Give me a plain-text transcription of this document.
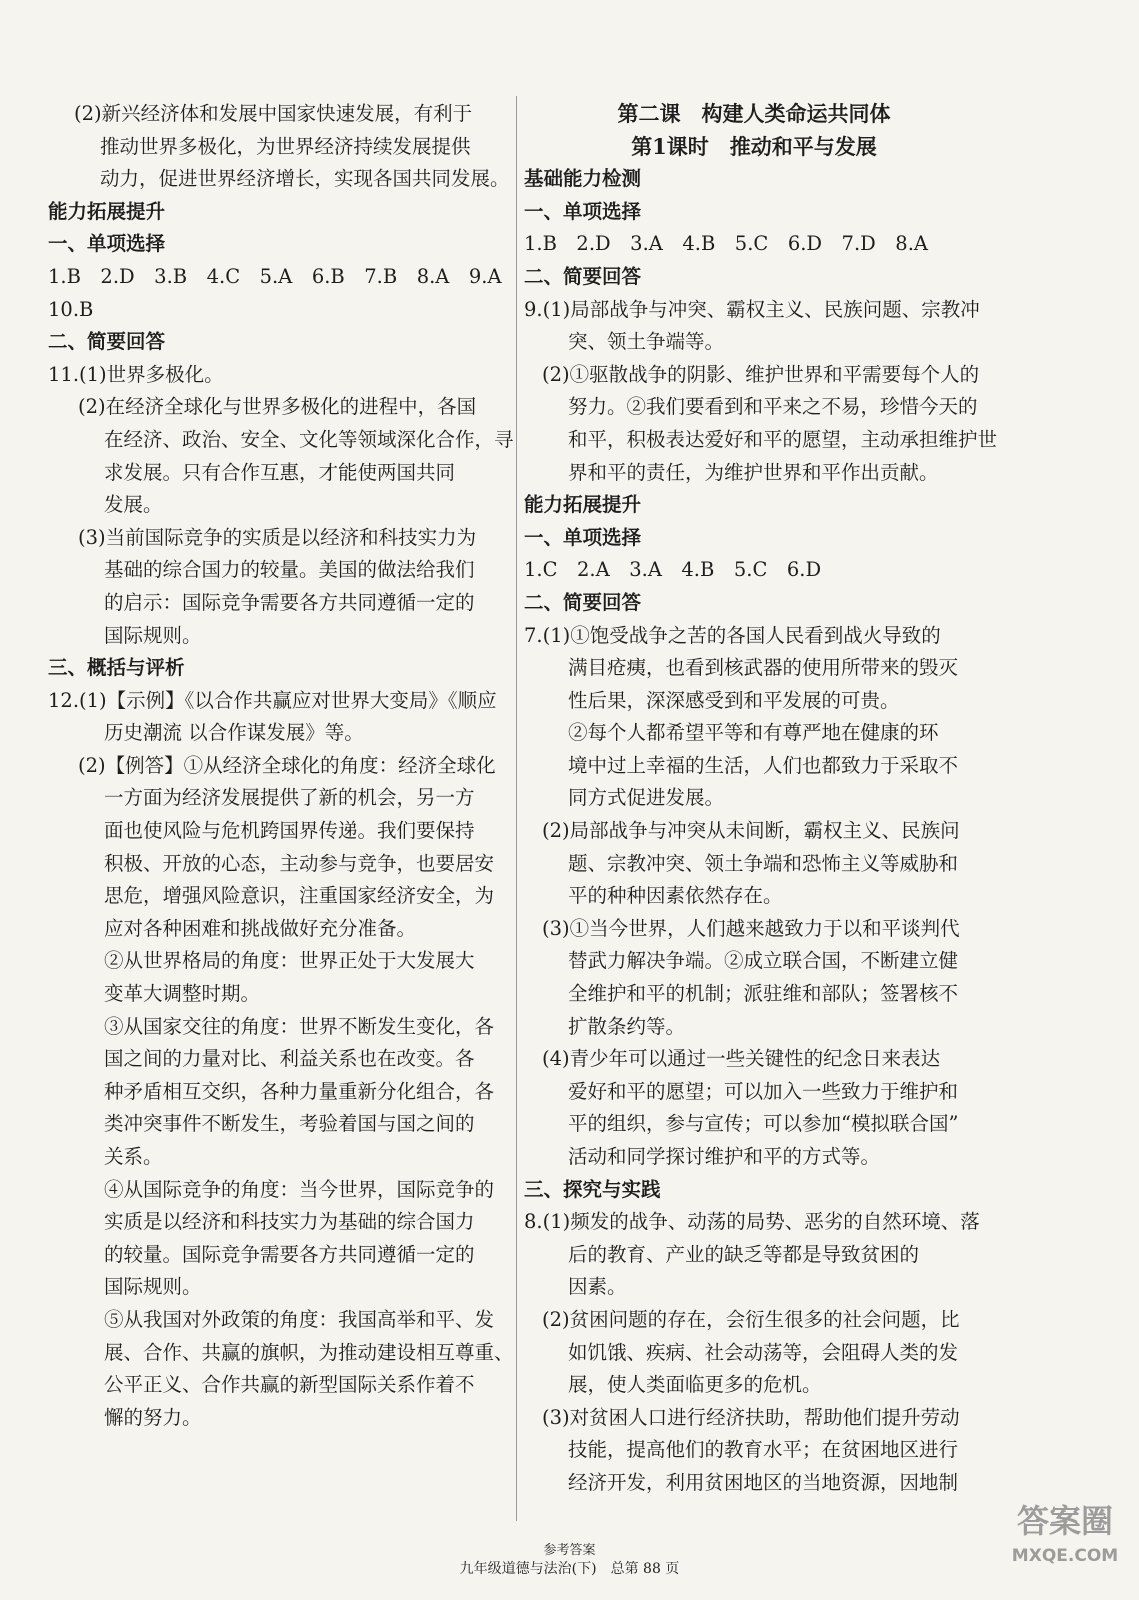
(2)新兴经济体和发展中国家快速发展，有利于
推动世界多极化，为世界经济持续发展提供
动力，促进世界经济增长，实现各国共同发展。
能力拓展提升
一、单项选择
1.B　2.D　3.B　4.C　5.A　6.B　7.B　8.A　9.A
10.B
二、简要回答
11.(1)世界多极化。
(2)在经济全球化与世界多极化的进程中，各国
在经济、政治、安全、文化等领域深化合作，寻
求发展。只有合作互惠，才能使两国共同
发展。
(3)当前国际竞争的实质是以经济和科技实力为
基础的综合国力的较量。美国的做法给我们
的启示：国际竞争需要各方共同遵循一定的
国际规则。
三、概括与评析
12.(1)【示例】《以合作共赢应对世界大变局》《顺应
历史潮流 以合作谋发展》等。
(2)【例答】①从经济全球化的角度：经济全球化
一方面为经济发展提供了新的机会，另一方
面也使风险与危机跨国界传递。我们要保持
积极、开放的心态，主动参与竞争，也要居安
思危，增强风险意识，注重国家经济安全，为
应对各种困难和挑战做好充分准备。
②从世界格局的角度：世界正处于大发展大
变革大调整时期。
③从国家交往的角度：世界不断发生变化，各
国之间的力量对比、利益关系也在改变。各
种矛盾相互交织，各种力量重新分化组合，各
类冲突事件不断发生，考验着国与国之间的
关系。
④从国际竞争的角度：当今世界，国际竞争的
实质是以经济和科技实力为基础的综合国力
的较量。国际竞争需要各方共同遵循一定的
国际规则。
⑤从我国对外政策的角度：我国高举和平、发
展、合作、共赢的旗帜，为推动建设相互尊重、
公平正义、合作共赢的新型国际关系作着不
懈的努力。
第二课　构建人类命运共同体
第1课时　推动和平与发展
基础能力检测
一、单项选择
1.B　2.D　3.A　4.B　5.C　6.D　7.D　8.A
二、简要回答
9.(1)局部战争与冲突、霸权主义、民族问题、宗教冲
突、领土争端等。
(2)①驱散战争的阴影、维护世界和平需要每个人的
努力。②我们要看到和平来之不易，珍惜今天的
和平，积极表达爱好和平的愿望，主动承担维护世
界和平的责任，为维护世界和平作出贡献。
能力拓展提升
一、单项选择
1.C　2.A　3.A　4.B　5.C　6.D
二、简要回答
7.(1)①饱受战争之苦的各国人民看到战火导致的
满目疮痍，也看到核武器的使用所带来的毁灭
性后果，深深感受到和平发展的可贵。
②每个人都希望平等和有尊严地在健康的环
境中过上幸福的生活，人们也都致力于采取不
同方式促进发展。
(2)局部战争与冲突从未间断，霸权主义、民族问
题、宗教冲突、领土争端和恐怖主义等威胁和
平的种种因素依然存在。
(3)①当今世界，人们越来越致力于以和平谈判代
替武力解决争端。②成立联合国，不断建立健
全维护和平的机制；派驻维和部队；签署核不
扩散条约等。
(4)青少年可以通过一些关键性的纪念日来表达
爱好和平的愿望；可以加入一些致力于维护和
平的组织，参与宣传；可以参加“模拟联合国”
活动和同学探讨维护和平的方式等。
三、探究与实践
8.(1)频发的战争、动荡的局势、恶劣的自然环境、落
后的教育、产业的缺乏等都是导致贫困的
因素。
(2)贫困问题的存在，会衍生很多的社会问题，比
如饥饿、疾病、社会动荡等，会阻碍人类的发
展，使人类面临更多的危机。
(3)对贫困人口进行经济扶助，帮助他们提升劳动
技能，提高他们的教育水平；在贫困地区进行
经济开发，利用贫困地区的当地资源，因地制
参考答案
九年级道德与法治(下)　总第 88 页
答案圈
MXQE.COM
